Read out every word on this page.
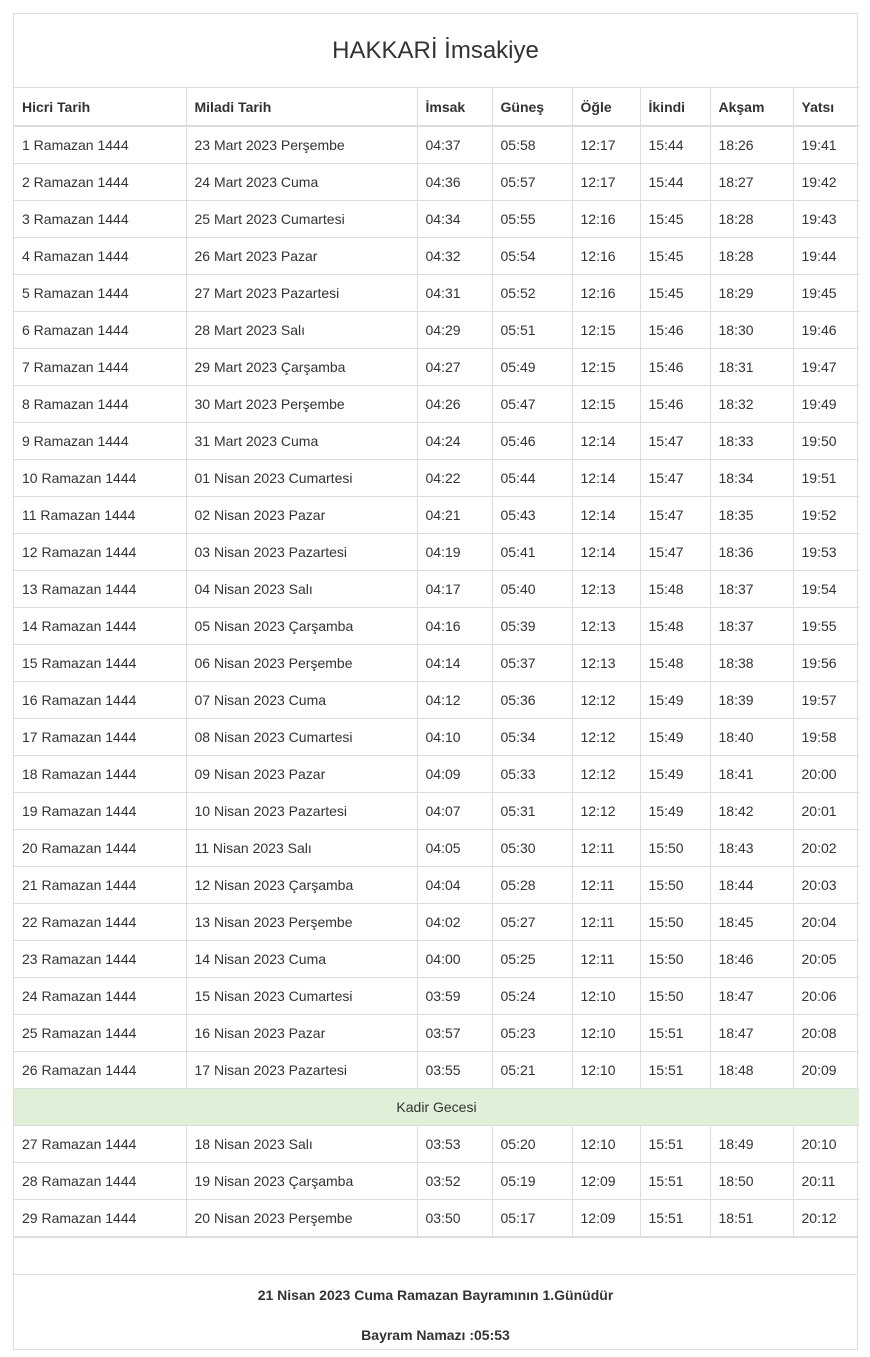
HAKKARİ İmsakiye
Hicri Tarih	Miladi Tarih	İmsak	Güneş	Öğle	İkindi	Akşam	Yatsı
1 Ramazan 1444	23 Mart 2023 Perşembe	04:37	05:58	12:17	15:44	18:26	19:41
2 Ramazan 1444	24 Mart 2023 Cuma	04:36	05:57	12:17	15:44	18:27	19:42
3 Ramazan 1444	25 Mart 2023 Cumartesi	04:34	05:55	12:16	15:45	18:28	19:43
4 Ramazan 1444	26 Mart 2023 Pazar	04:32	05:54	12:16	15:45	18:28	19:44
5 Ramazan 1444	27 Mart 2023 Pazartesi	04:31	05:52	12:16	15:45	18:29	19:45
6 Ramazan 1444	28 Mart 2023 Salı	04:29	05:51	12:15	15:46	18:30	19:46
7 Ramazan 1444	29 Mart 2023 Çarşamba	04:27	05:49	12:15	15:46	18:31	19:47
8 Ramazan 1444	30 Mart 2023 Perşembe	04:26	05:47	12:15	15:46	18:32	19:49
9 Ramazan 1444	31 Mart 2023 Cuma	04:24	05:46	12:14	15:47	18:33	19:50
10 Ramazan 1444	01 Nisan 2023 Cumartesi	04:22	05:44	12:14	15:47	18:34	19:51
11 Ramazan 1444	02 Nisan 2023 Pazar	04:21	05:43	12:14	15:47	18:35	19:52
12 Ramazan 1444	03 Nisan 2023 Pazartesi	04:19	05:41	12:14	15:47	18:36	19:53
13 Ramazan 1444	04 Nisan 2023 Salı	04:17	05:40	12:13	15:48	18:37	19:54
14 Ramazan 1444	05 Nisan 2023 Çarşamba	04:16	05:39	12:13	15:48	18:37	19:55
15 Ramazan 1444	06 Nisan 2023 Perşembe	04:14	05:37	12:13	15:48	18:38	19:56
16 Ramazan 1444	07 Nisan 2023 Cuma	04:12	05:36	12:12	15:49	18:39	19:57
17 Ramazan 1444	08 Nisan 2023 Cumartesi	04:10	05:34	12:12	15:49	18:40	19:58
18 Ramazan 1444	09 Nisan 2023 Pazar	04:09	05:33	12:12	15:49	18:41	20:00
19 Ramazan 1444	10 Nisan 2023 Pazartesi	04:07	05:31	12:12	15:49	18:42	20:01
20 Ramazan 1444	11 Nisan 2023 Salı	04:05	05:30	12:11	15:50	18:43	20:02
21 Ramazan 1444	12 Nisan 2023 Çarşamba	04:04	05:28	12:11	15:50	18:44	20:03
22 Ramazan 1444	13 Nisan 2023 Perşembe	04:02	05:27	12:11	15:50	18:45	20:04
23 Ramazan 1444	14 Nisan 2023 Cuma	04:00	05:25	12:11	15:50	18:46	20:05
24 Ramazan 1444	15 Nisan 2023 Cumartesi	03:59	05:24	12:10	15:50	18:47	20:06
25 Ramazan 1444	16 Nisan 2023 Pazar	03:57	05:23	12:10	15:51	18:47	20:08
26 Ramazan 1444	17 Nisan 2023 Pazartesi	03:55	05:21	12:10	15:51	18:48	20:09
Kadir Gecesi							
27 Ramazan 1444	18 Nisan 2023 Salı	03:53	05:20	12:10	15:51	18:49	20:10
28 Ramazan 1444	19 Nisan 2023 Çarşamba	03:52	05:19	12:09	15:51	18:50	20:11
29 Ramazan 1444	20 Nisan 2023 Perşembe	03:50	05:17	12:09	15:51	18:51	20:12
21 Nisan 2023 Cuma Ramazan Bayramının 1.Günüdür
Bayram Namazı :05:53
